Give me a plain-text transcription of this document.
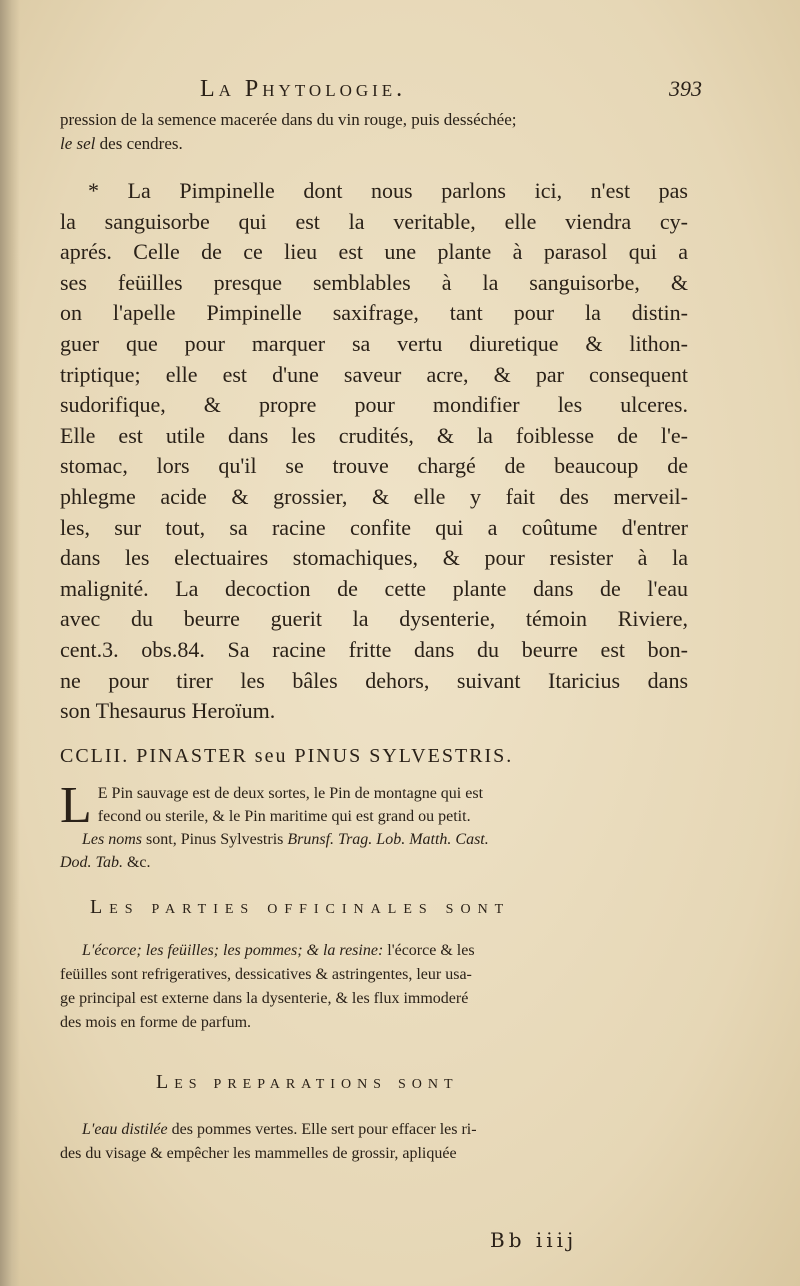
La Phytologie.	393

pression de la semence macerée dans du vin rouge, puis desséchée;

le sel des cendres.

* La Pimpinelle dont nous parlons ici, n'est pas
la sanguisorbe qui est la veritable, elle viendra cy-
aprés. Celle de ce lieu est une plante à parasol qui a
ses feüilles presque semblables à la sanguisorbe, &
on l'apelle Pimpinelle saxifrage, tant pour la distin-
guer que pour marquer sa vertu diuretique & lithon-
triptique; elle est d'une saveur acre, & par consequent
sudorifique, & propre pour mondifier les ulceres.
Elle est utile dans les crudités, & la foiblesse de l'e-
stomac, lors qu'il se trouve chargé de beaucoup de
phlegme acide & grossier, & elle y fait des merveil-
les, sur tout, sa racine confite qui a coûtume d'entrer
dans les electuaires stomachiques, & pour resister à la
malignité. La decoction de cette plante dans de l'eau
avec du beurre guerit la dysenterie, témoin Riviere,
cent.3. obs.84. Sa racine fritte dans du beurre est bon-
ne pour tirer les bâles dehors, suivant Itaricius dans
son Thesaurus Heroïum.
CCLII. PINASTER seu PINUS SYLVESTRIS.
L E Pin sauvage est de deux sortes, le Pin de montagne qui est
fecond ou sterile, & le Pin maritime qui est grand ou petit.
Les noms sont, Pinus Sylvestris Brunsf. Trag. Lob. Matth. Cast.
Dod. Tab. &c.
Les parties officinales sont
L'écorce; les feüilles; les pommes; & la resine: l'écorce & les
feüilles sont refrigeratives, dessicatives & astringentes, leur usa-
ge principal est externe dans la dysenterie, & les flux immoderé
des mois en forme de parfum.
Les preparations sont
L'eau distilée des pommes vertes. Elle sert pour effacer les ri-
des du visage & empêcher les mammelles de grossir, apliquée
Bb iiij
